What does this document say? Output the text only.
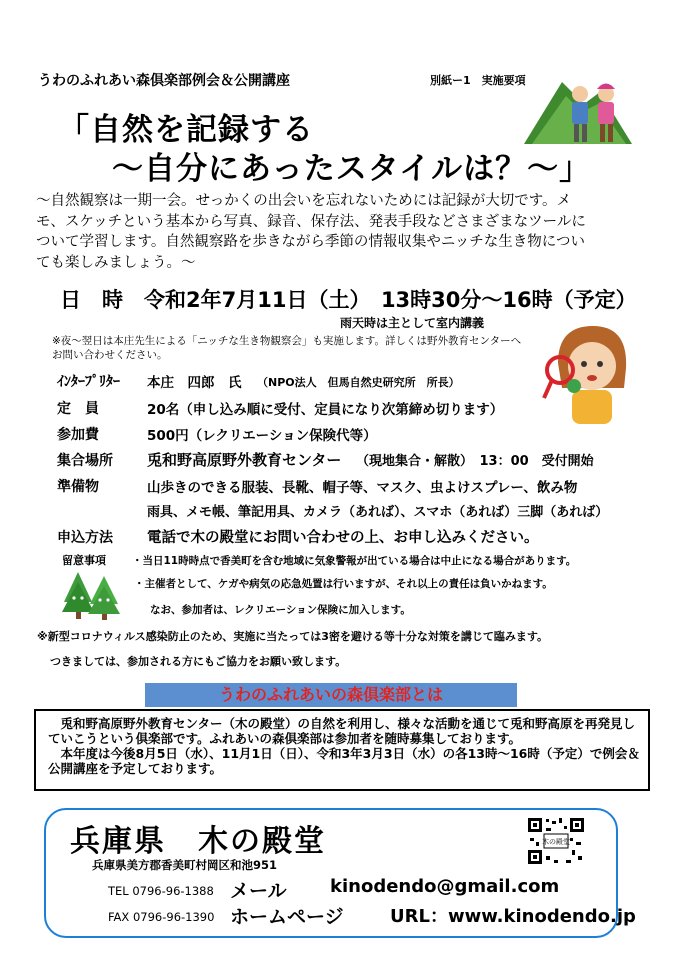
うわのふれあい森倶楽部例会＆公開講座	別紙ー1　実施要項
「自然を記録する
～自分にあったスタイルは？～」
～自然観察は一期一会。せっかくの出会いを忘れないためには記録が大切です。メモ、スケッチという基本から写真、録音、保存法、発表手段などさまざまなツールについて学習します。自然観察路を歩きながら季節の情報収集やニッチな生き物についても楽しみましょう。～
日　時　令和2年7月11日（土）　13時30分～16時（予定）
雨天時は主として室内講義
※夜～翌日は本庄先生による「ニッチな生き物観察会」も実施します。詳しくは野外教育センターへお問い合わせください。
ｲﾝﾀｰﾌﾟﾘﾀｰ 本庄　四郎　氏 （NPO法人　但馬自然史研究所　所長）
定　員	20名（申し込み順に受付、定員になり次第締め切ります）
参加費	500円（レクリエーション保険代等）
集合場所 兎和野高原野外教育センター （現地集合・解散）　13：00　受付開始
準備物	山歩きのできる服装、長靴、帽子等、マスク、虫よけスプレー、飲み物
雨具、メモ帳、筆記用具、カメラ（あれば）、スマホ（あれば）三脚（あれば）
申込方法 電話で木の殿堂にお問い合わせの上、お申し込みください。
留意事項 ・当日11時時点で香美町を含む地域に気象警報が出ている場合は中止になる場合があります。
・主催者として、ケガや病気の応急処置は行いますが、それ以上の責任は負いかねます。
なお、参加者は、レクリエーション保険に加入します。
※新型コロナウィルス感染防止のため、実施に当たっては3密を避ける等十分な対策を講じて臨みます。
つきましては、参加される方にもご協力をお願い致します。
うわのふれあいの森倶楽部とは
兎和野高原野外教育センター（木の殿堂）の自然を利用し、様々な活動を通じて兎和野高原を再発見していこうという倶楽部です。ふれあいの森倶楽部は参加者を随時募集しております。
本年度は今後8月5日（水）、11月1日（日）、令和3年3月3日（水）の各13時～16時（予定）で例会＆公開講座を予定しております。
兵庫県　木の殿堂
兵庫県美方郡香美町村岡区和池951
TEL 0796-96-1388 メール kinodendo@gmail.com
FAX 0796-96-1390 ホームページ	URL：www.kinodendo.jp
木の殿堂
